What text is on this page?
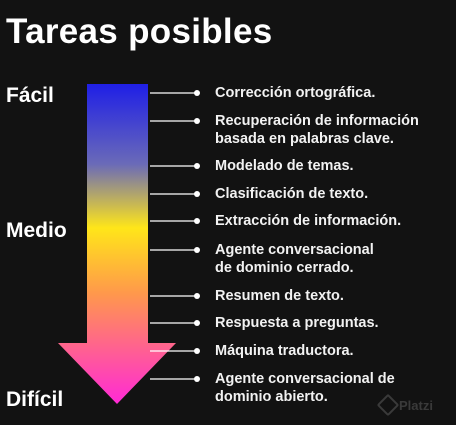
Tareas posibles
Fácil
Medio
Difícil
Corrección ortográfica.
Recuperación de información
basada en palabras clave.
Modelado de temas.
Clasificación de texto.
Extracción de información.
Agente conversacional
de dominio cerrado.
Resumen de texto.
Respuesta a preguntas.
Máquina traductora.
Agente conversacional de
dominio abierto.	Platzi
